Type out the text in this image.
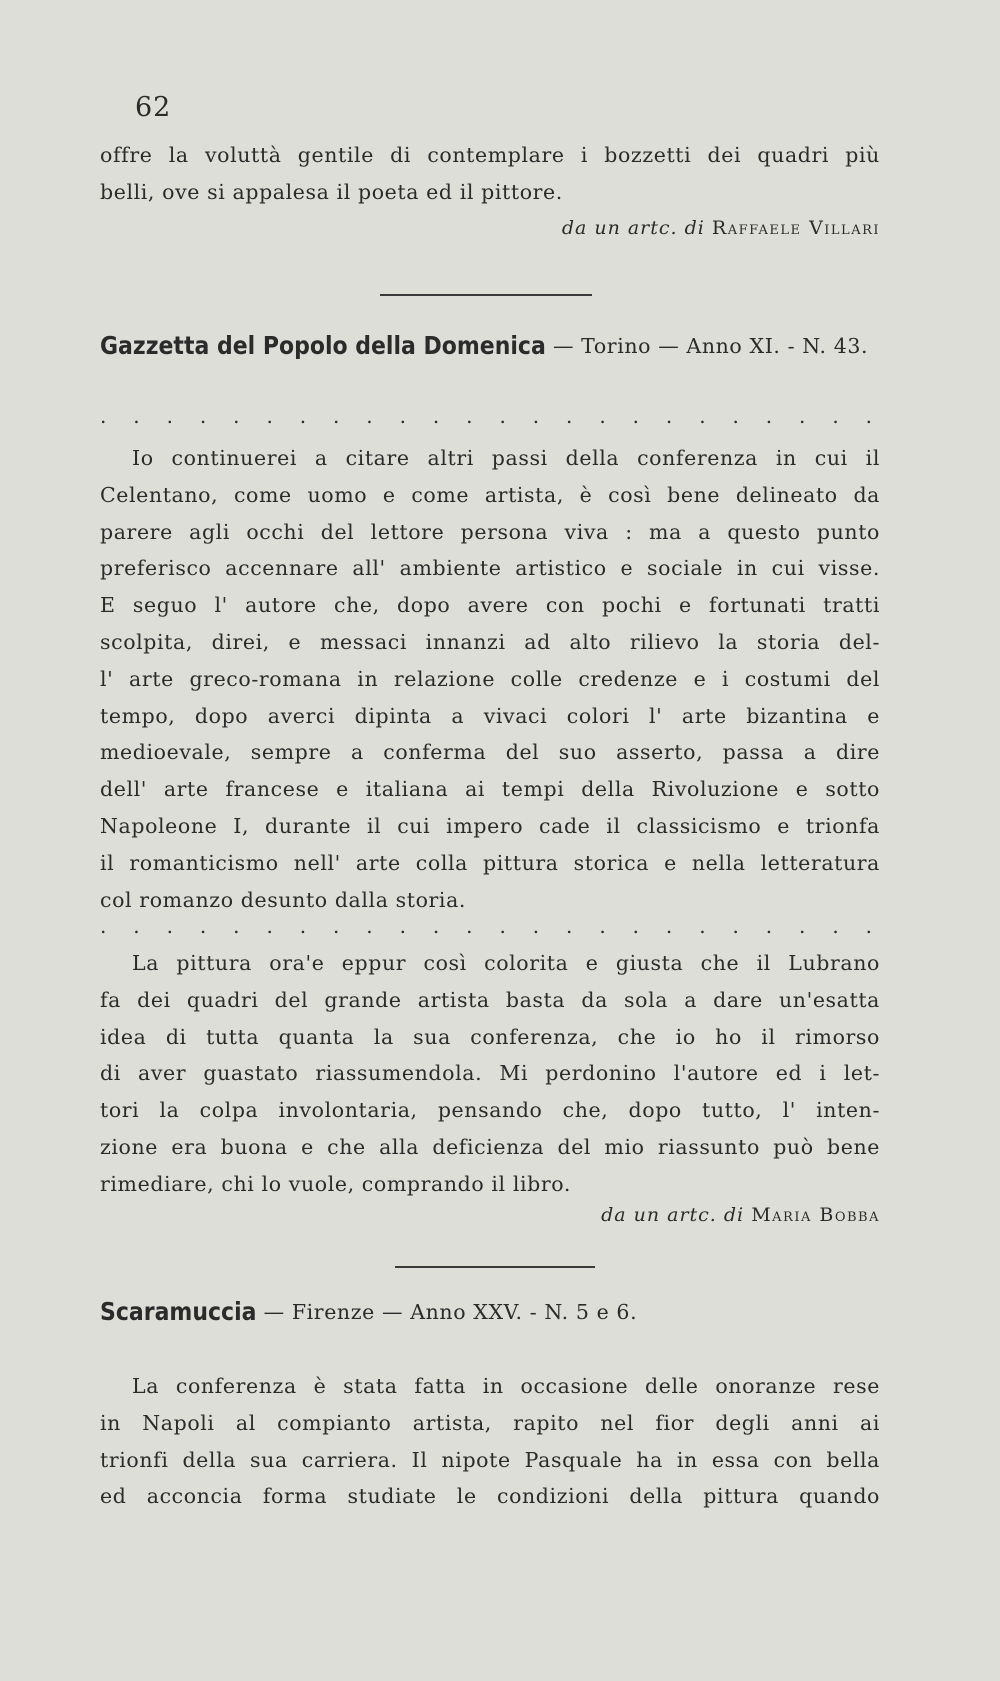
62
offre la voluttà gentile di contemplare i bozzetti dei quadri più
belli, ove si appalesa il poeta ed il pittore.
da un artc. di Raffaele Villari
Gazzetta del Popolo della Domenica — Torino — Anno XI. - N. 43.
. . . . . . . . . . . . . . . . . . . . . . . .
Io continuerei a citare altri passi della conferenza in cui il
Celentano, come uomo e come artista, è così bene delineato da
parere agli occhi del lettore persona viva : ma a questo punto
preferisco accennare all' ambiente artistico e sociale in cui visse.
E seguo l' autore che, dopo avere con pochi e fortunati tratti
scolpita, direi, e messaci innanzi ad alto rilievo la storia del-
l' arte greco-romana in relazione colle credenze e i costumi del
tempo, dopo averci dipinta a vivaci colori l' arte bizantina e
medioevale, sempre a conferma del suo asserto, passa a dire
dell' arte francese e italiana ai tempi della Rivoluzione e sotto
Napoleone I, durante il cui impero cade il classicismo e trionfa
il romanticismo nell' arte colla pittura storica e nella letteratura
col romanzo desunto dalla storia.
. . . . . . . . . . . . . . . . . . . . . . . .
La pittura ora'e eppur così colorita e giusta che il Lubrano
fa dei quadri del grande artista basta da sola a dare un'esatta
idea di tutta quanta la sua conferenza, che io ho il rimorso
di aver guastato riassumendola. Mi perdonino l'autore ed i let-
tori la colpa involontaria, pensando che, dopo tutto, l' inten-
zione era buona e che alla deficienza del mio riassunto può bene
rimediare, chi lo vuole, comprando il libro.
da un artc. di Maria Bobba
Scaramuccia — Firenze — Anno XXV. - N. 5 e 6.
La conferenza è stata fatta in occasione delle onoranze rese
in Napoli al compianto artista, rapito nel fior degli anni ai
trionfi della sua carriera. Il nipote Pasquale ha in essa con bella
ed acconcia forma studiate le condizioni della pittura quando
